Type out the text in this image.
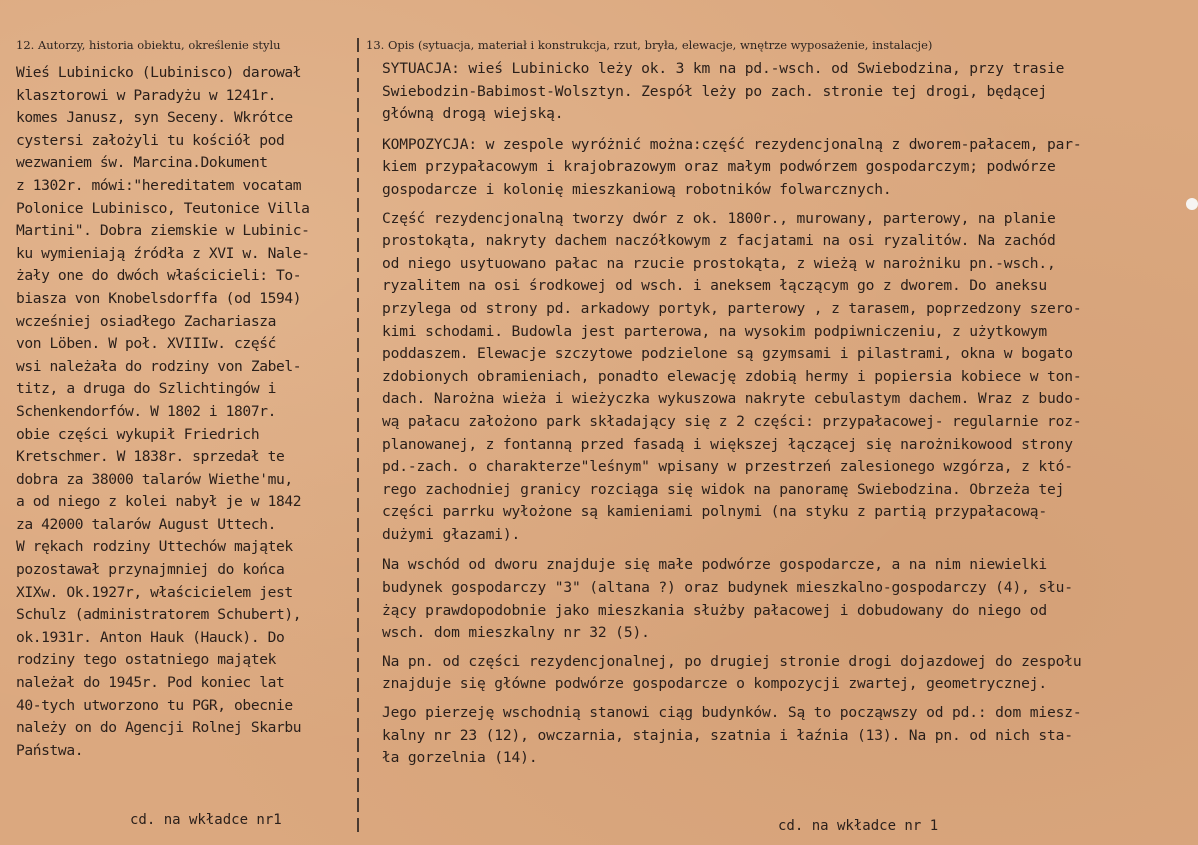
12. Autorzy, historia obiektu, określenie stylu	13. Opis (sytuacja, materiał i konstrukcja, rzut, bryła, elewacje, wnętrze wyposażenie, instalacje)
Wieś Lubinicko (Lubinisco) darował
klasztorowi w Paradyżu w 1241r.
komes Janusz, syn Seceny. Wkrótce
cystersi założyli tu kościół pod
wezwaniem św. Marcina.Dokument
z 1302r. mówi:"hereditatem vocatam
Polonice Lubinisco, Teutonice Villa
Martini". Dobra ziemskie w Lubinic-
ku wymieniają źródła z XVI w. Nale-
żały one do dwóch właścicieli: To-
biasza von Knobelsdorffa (od 1594)
wcześniej osiadłego Zachariasza
von Löben. W poł. XVIIIw. część
wsi należała do rodziny von Zabel-
titz, a druga do Szlichtingów i
Schenkendorfów. W 1802 i 1807r.
obie części wykupił Friedrich
Kretschmer. W 1838r. sprzedał te
dobra za 38000 talarów Wiethe'mu,
a od niego z kolei nabył je w 1842
za 42000 talarów August Uttech.
W rękach rodziny Uttechów majątek
pozostawał przynajmniej do końca
XIXw. Ok.1927r, właścicielem jest
Schulz (administratorem Schubert),
ok.1931r. Anton Hauk (Hauck). Do
rodziny tego ostatniego majątek
należał do 1945r. Pod koniec lat
40-tych utworzono tu PGR, obecnie
należy on do Agencji Rolnej Skarbu
Państwa.
cd. na wkładce nr1
SYTUACJA: wieś Lubinicko leży ok. 3 km na pd.-wsch. od Swiebodzina, przy trasie
Swiebodzin-Babimost-Wolsztyn. Zespół leży po zach. stronie tej drogi, będącej
główną drogą wiejską.
KOMPOZYCJA: w zespole wyróżnić można:część rezydencjonalną z dworem-pałacem, par-
kiem przypałacowym i krajobrazowym oraz małym podwórzem gospodarczym; podwórze
gospodarcze i kolonię mieszkaniową robotników folwarcznych.
Część rezydencjonalną tworzy dwór z ok. 1800r., murowany, parterowy, na planie
prostokąta, nakryty dachem naczółkowym z facjatami na osi ryzalitów. Na zachód
od niego usytuowano pałac na rzucie prostokąta, z wieżą w narożniku pn.-wsch.,
ryzalitem na osi środkowej od wsch. i aneksem łączącym go z dworem. Do aneksu
przylega od strony pd. arkadowy portyk, parterowy , z tarasem, poprzedzony szero-
kimi schodami. Budowla jest parterowa, na wysokim podpiwniczeniu, z użytkowym
poddaszem. Elewacje szczytowe podzielone są gzymsami i pilastrami, okna w bogato
zdobionych obramieniach, ponadto elewację zdobią hermy i popiersia kobiece w ton-
dach. Narożna wieża i wieżyczka wykuszowa nakryte cebulastym dachem. Wraz z budo-
wą pałacu założono park składający się z 2 części: przypałacowej- regularnie roz-
planowanej, z fontanną przed fasadą i większej łączącej się narożnikowood strony
pd.-zach. o charakterze"leśnym" wpisany w przestrzeń zalesionego wzgórza, z któ-
rego zachodniej granicy rozciąga się widok na panoramę Swiebodzina. Obrzeża tej
części parrku wyłożone są kamieniami polnymi (na styku z partią przypałacową-
dużymi głazami).
Na wschód od dworu znajduje się małe podwórze gospodarcze, a na nim niewielki
budynek gospodarczy "3" (altana ?) oraz budynek mieszkalno-gospodarczy (4), słu-
żący prawdopodobnie jako mieszkania służby pałacowej i dobudowany do niego od
wsch. dom mieszkalny nr 32 (5).
Na pn. od części rezydencjonalnej, po drugiej stronie drogi dojazdowej do zespołu
znajduje się główne podwórze gospodarcze o kompozycji zwartej, geometrycznej.
Jego pierzeję wschodnią stanowi ciąg budynków. Są to począwszy od pd.: dom miesz-
kalny nr 23 (12), owczarnia, stajnia, szatnia i łaźnia (13). Na pn. od nich sta-
ła gorzelnia (14).
cd. na wkładce nr 1
